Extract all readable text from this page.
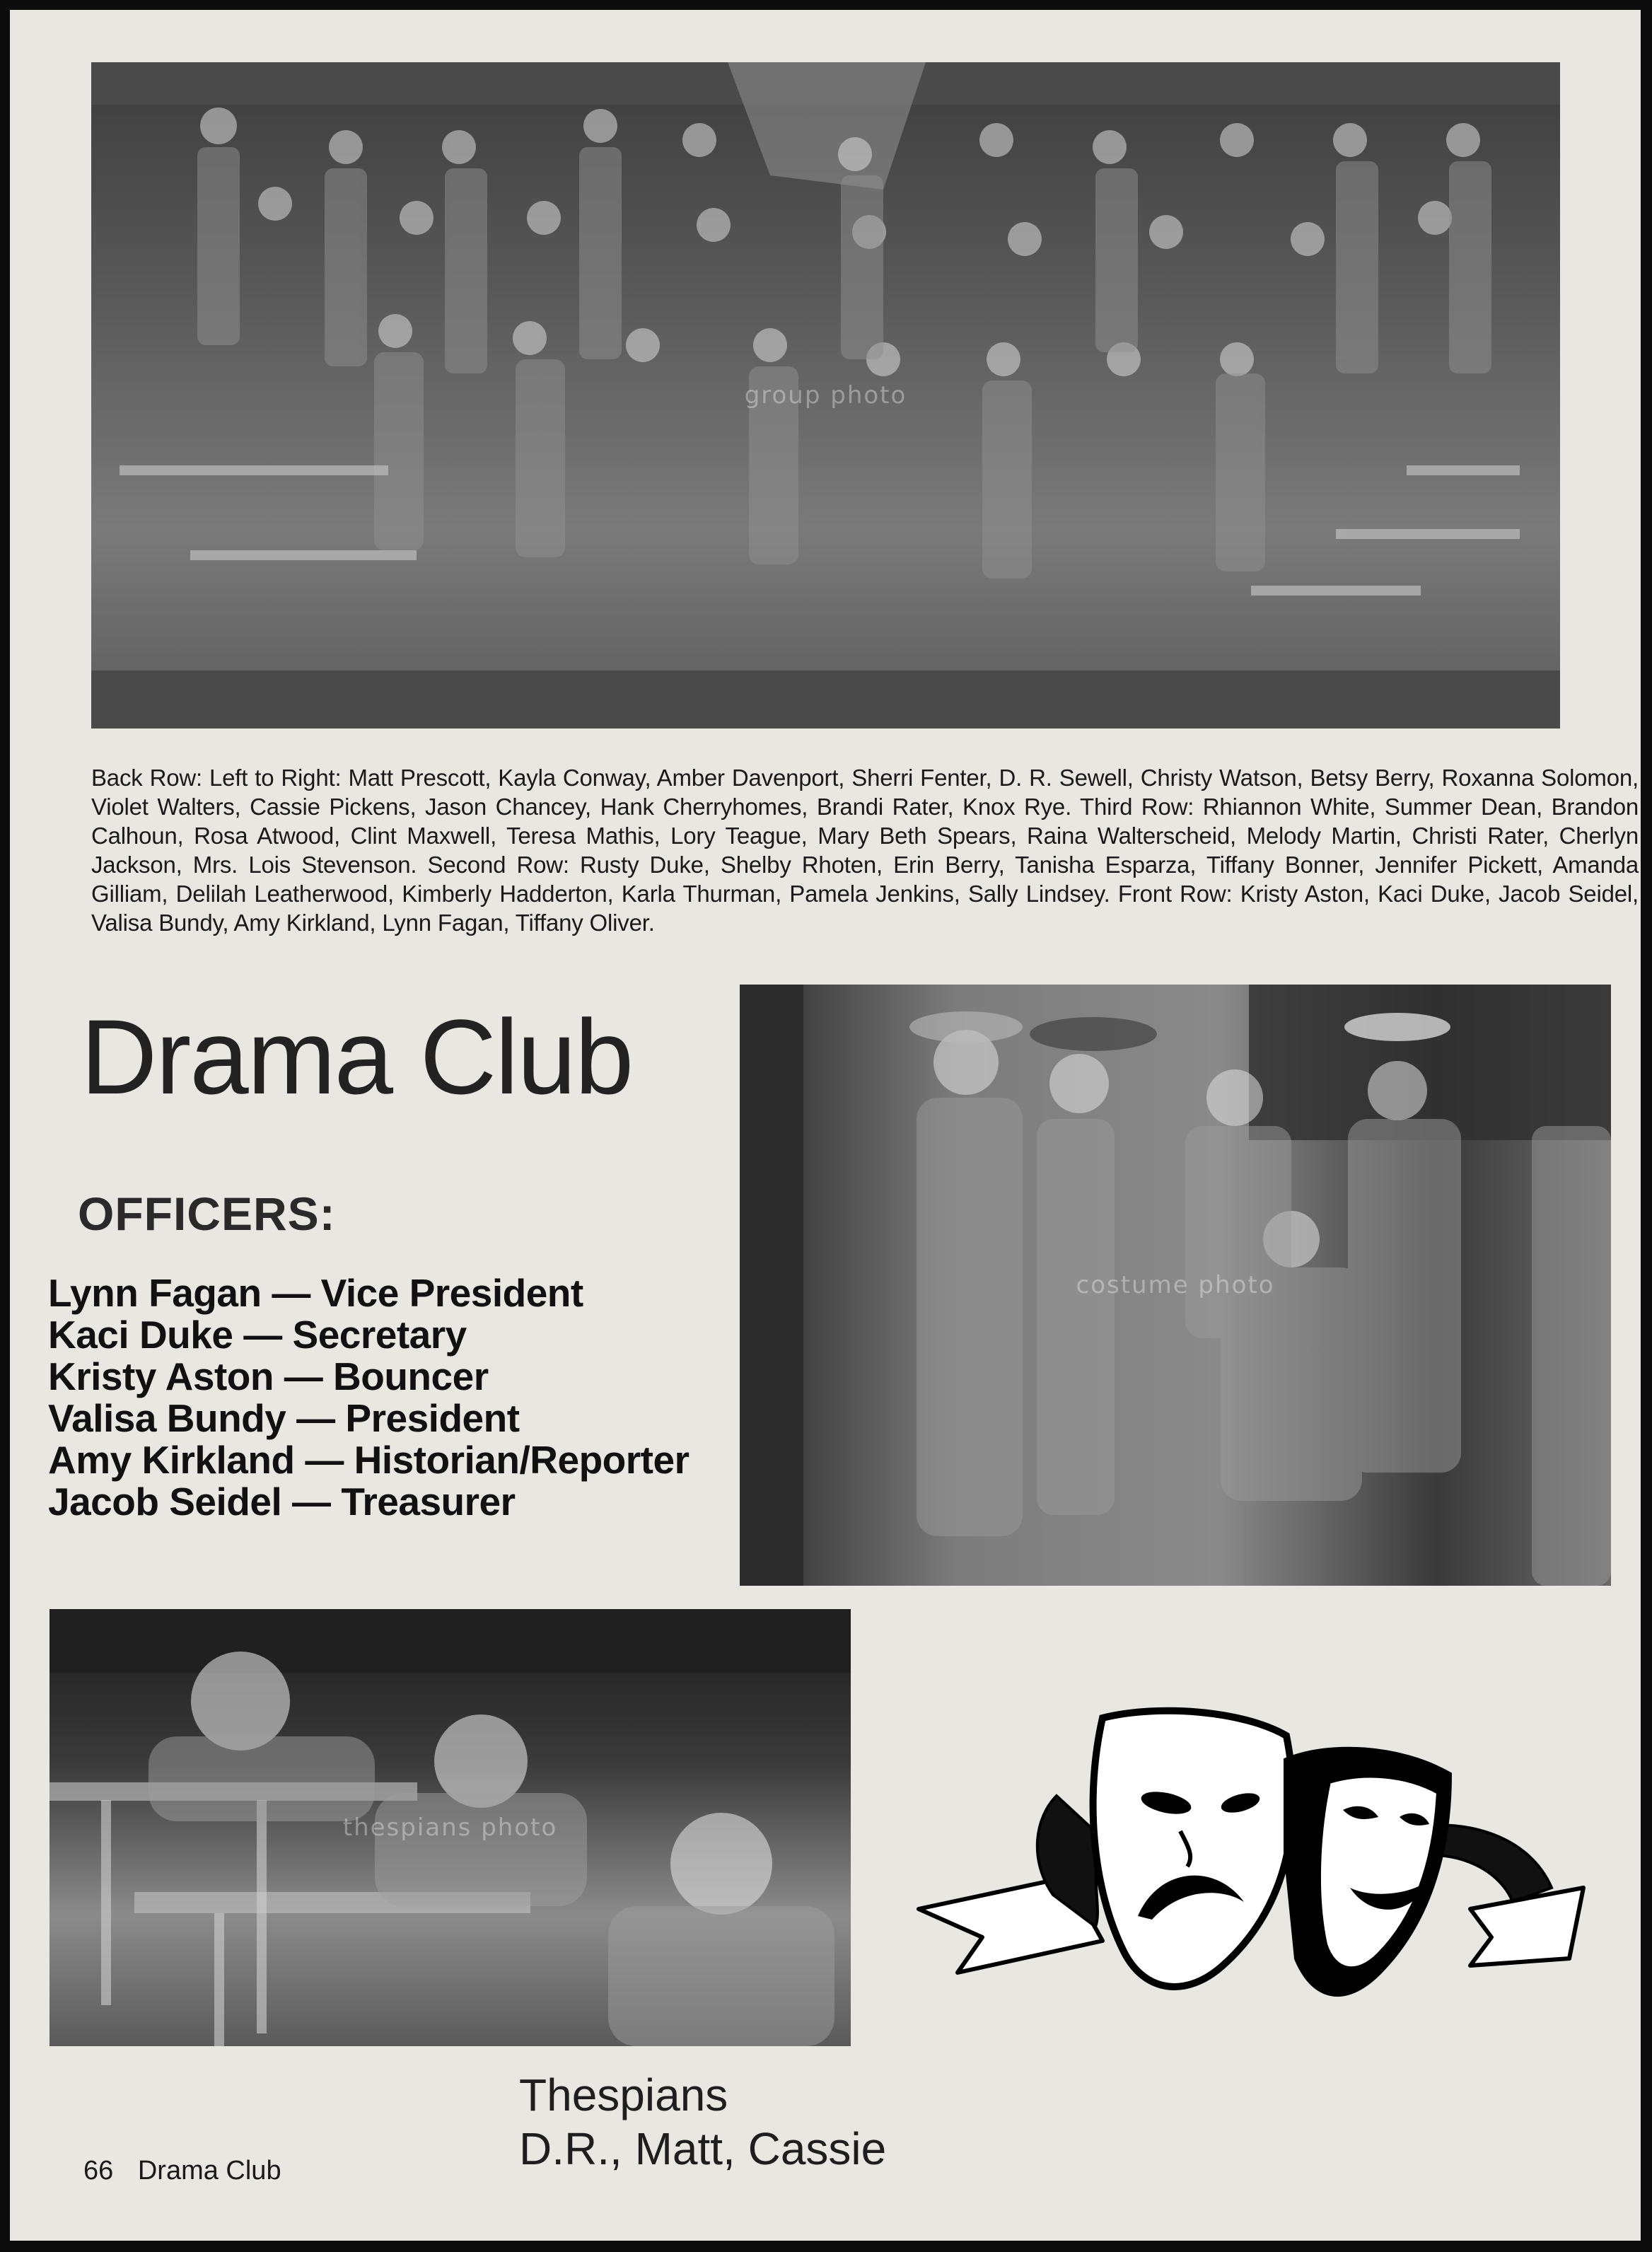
group photo

Back Row: Left to Right: Matt Prescott, Kayla Conway, Amber Davenport, Sherri Fenter, D. R. Sewell, Christy Watson, Betsy Berry, Roxanna Solomon, Violet Walters, Cassie Pickens, Jason Chancey, Hank Cherryhomes, Brandi Rater, Knox Rye. Third Row: Rhiannon White, Summer Dean, Brandon Calhoun, Rosa Atwood, Clint Maxwell, Teresa Mathis, Lory Teague, Mary Beth Spears, Raina Walterscheid, Melody Martin, Christi Rater, Cherlyn Jackson, Mrs. Lois Stevenson. Second Row: Rusty Duke, Shelby Rhoten, Erin Berry, Tanisha Esparza, Tiffany Bonner, Jennifer Pickett, Amanda Gilliam, Delilah Leatherwood, Kimberly Hadderton, Karla Thurman, Pamela Jenkins, Sally Lindsey. Front Row: Kristy Aston, Kaci Duke, Jacob Seidel, Valisa Bundy, Amy Kirkland, Lynn Fagan, Tiffany Oliver.

Drama Club
OFFICERS:
Lynn Fagan — Vice President
Kaci Duke — Secretary
Kristy Aston — Bouncer
Valisa Bundy — President
Amy Kirkland — Historian/Reporter
Jacob Seidel — Treasurer
costume photo
thespians photo
Thespians
D.R., Matt, Cassie
66 Drama Club
